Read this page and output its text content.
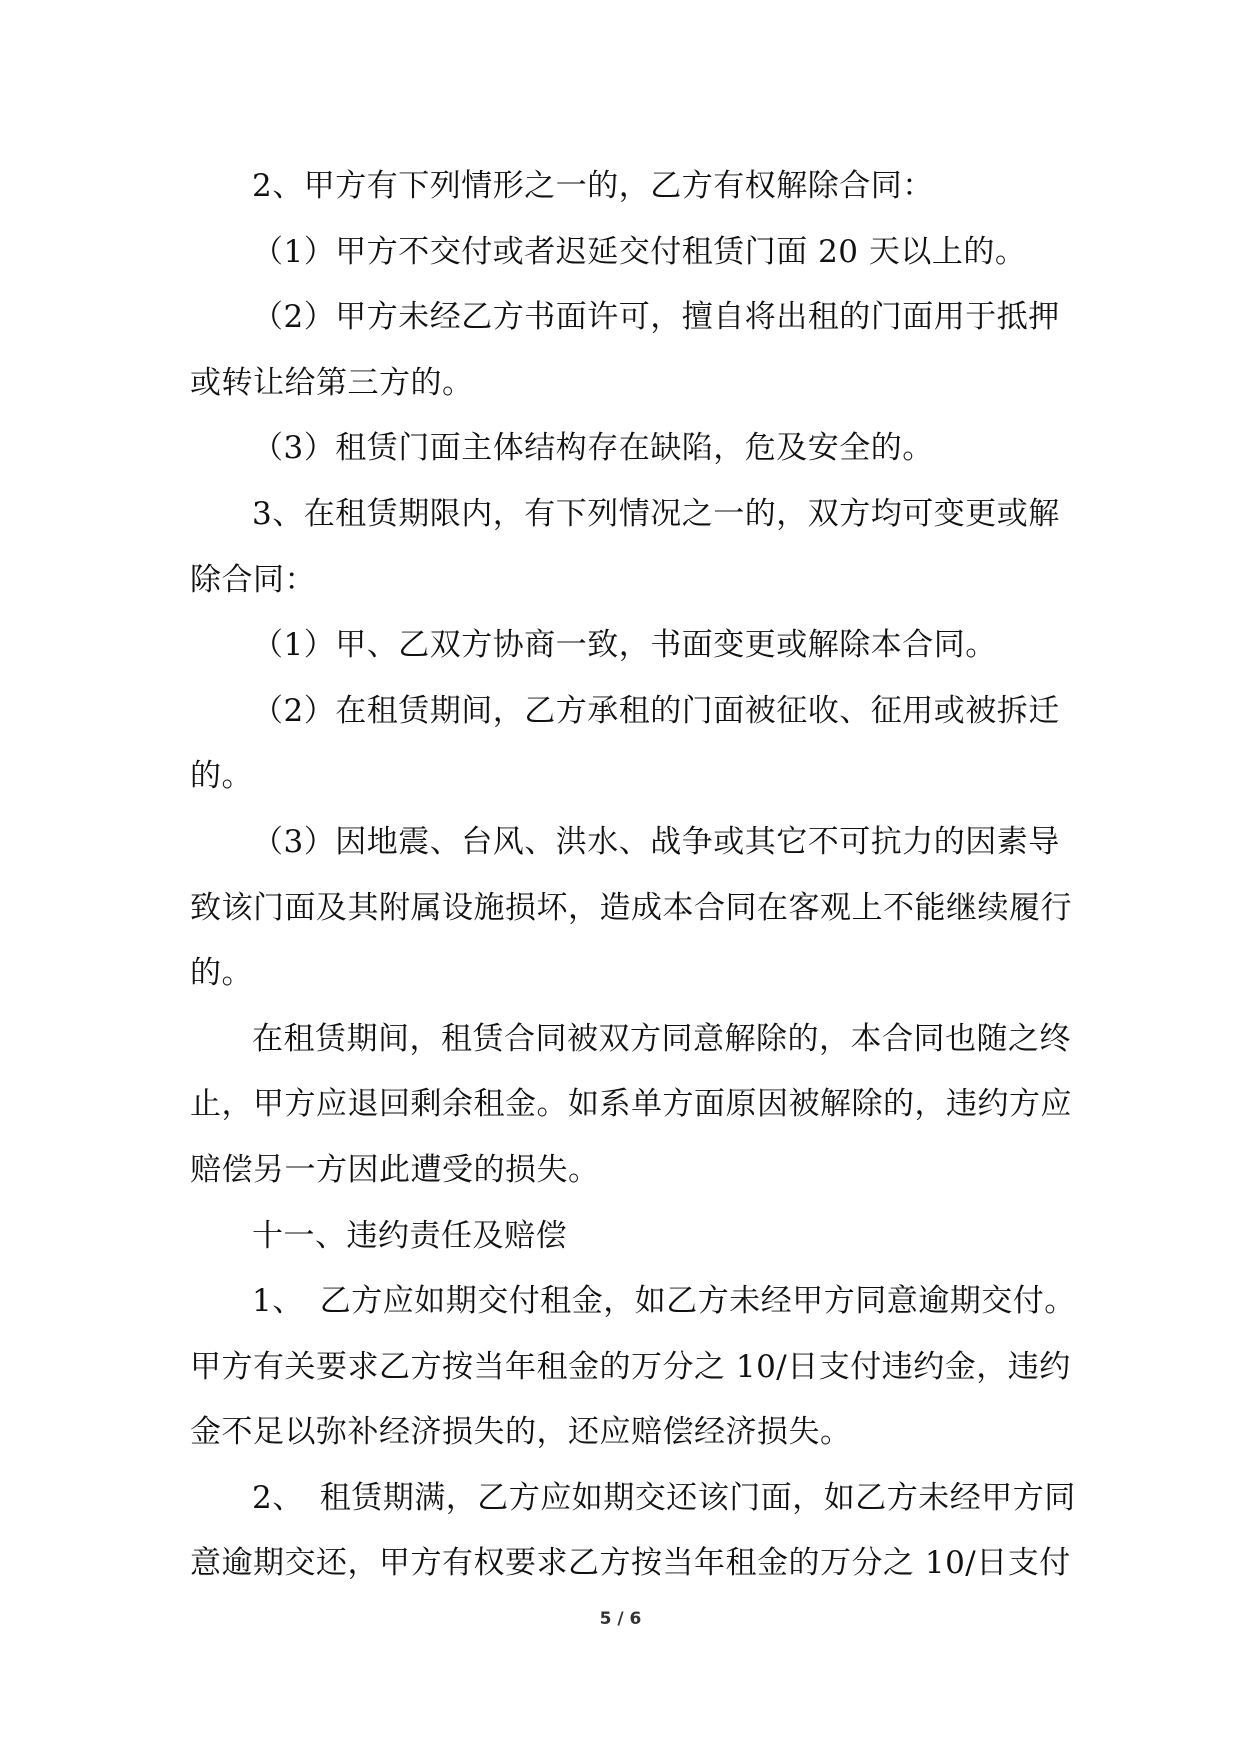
2、甲方有下列情形之一的，乙方有权解除合同：
（1）甲方不交付或者迟延交付租赁门面 20 天以上的。
（2）甲方未经乙方书面许可，擅自将出租的门面用于抵押
或转让给第三方的。
（3）租赁门面主体结构存在缺陷，危及安全的。
3、在租赁期限内，有下列情况之一的，双方均可变更或解
除合同：
（1）甲、乙双方协商一致，书面变更或解除本合同。
（2）在租赁期间，乙方承租的门面被征收、征用或被拆迁
的。
（3）因地震、台风、洪水、战争或其它不可抗力的因素导
致该门面及其附属设施损坏，造成本合同在客观上不能继续履行
的。
在租赁期间，租赁合同被双方同意解除的，本合同也随之终
止，甲方应退回剩余租金。如系单方面原因被解除的，违约方应
赔偿另一方因此遭受的损失。
十一、违约责任及赔偿
1、　乙方应如期交付租金，如乙方未经甲方同意逾期交付。
甲方有关要求乙方按当年租金的万分之 10/日支付违约金，违约
金不足以弥补经济损失的，还应赔偿经济损失。
2、　租赁期满，乙方应如期交还该门面，如乙方未经甲方同
意逾期交还，甲方有权要求乙方按当年租金的万分之 10/日支付
5 / 6
